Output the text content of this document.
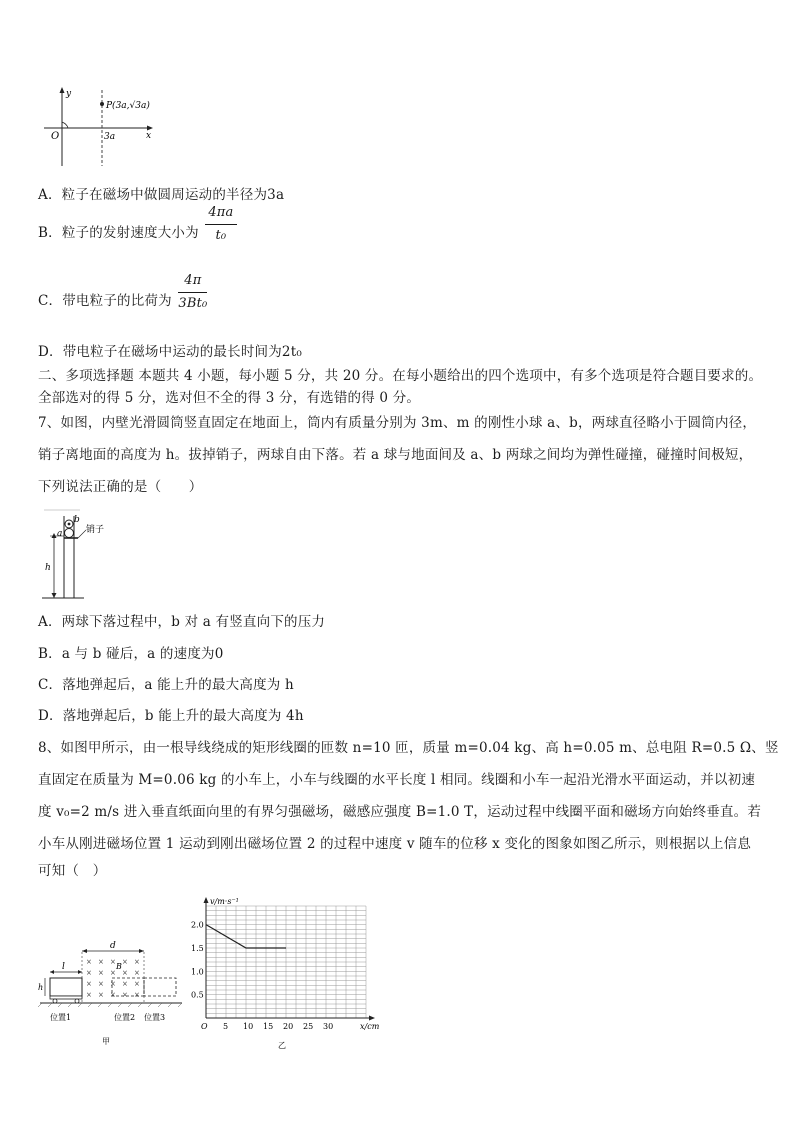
y
x
O	3a
P(3a,√3a)
A．粒子在磁场中做圆周运动的半径为3a
B．粒子的发射速度大小为 $\frac{4\pi a}{\text{t₀}}$
C．带电粒子的比荷为 $\frac{4\pi}{\text{3Bt₀}}$
D．带电粒子在磁场中运动的最长时间为2t₀
二、多项选择题 本题共 4 小题，每小题 5 分，共 20 分。在每小题给出的四个选项中，有多个选项是符合题目要求的。
全部选对的得 5 分，选对但不全的得 3 分，有选错的得 0 分。
7、如图，内壁光滑圆筒竖直固定在地面上，筒内有质量分别为 3m、m 的刚性小球 a、b，两球直径略小于圆筒内径，
销子离地面的高度为 h。拔掉销子，两球自由下落。若 a 球与地面间及 a、b 两球之间均为弹性碰撞，碰撞时间极短，
下列说法正确的是（　　）
b
a	销子
h
A．两球下落过程中，b 对 a 有竖直向下的压力
B．a 与 b 碰后，a 的速度为0
C．落地弹起后，a 能上升的最大高度为 h
D．落地弹起后，b 能上升的最大高度为 4h
8、如图甲所示，由一根导线绕成的矩形线圈的匝数 n=10 匝，质量 m=0.04 kg、高 h=0.05 m、总电阻 R=0.5 Ω、竖
直固定在质量为 M=0.06 kg 的小车上，小车与线圈的水平长度 l 相同。线圈和小车一起沿光滑水平面运动，并以初速
度 v₀=2 m/s 进入垂直纸面向里的有界匀强磁场，磁感应强度 B=1.0 T，运动过程中线圈平面和磁场方向始终垂直。若
小车从刚进磁场位置 1 运动到刚出磁场位置 2 的过程中速度 v 随车的位移 x 变化的图象如图乙所示，则根据以上信息
可知（　）
d
× × × × ×
× × × × ×
× × × × ×
× × × × ×
B
l
h
位置1	位置2 位置3
甲
v/m·s⁻¹
x/cm
O 5 10 15 20 25 30
2.0
1.5
1.0
0.5
乙
